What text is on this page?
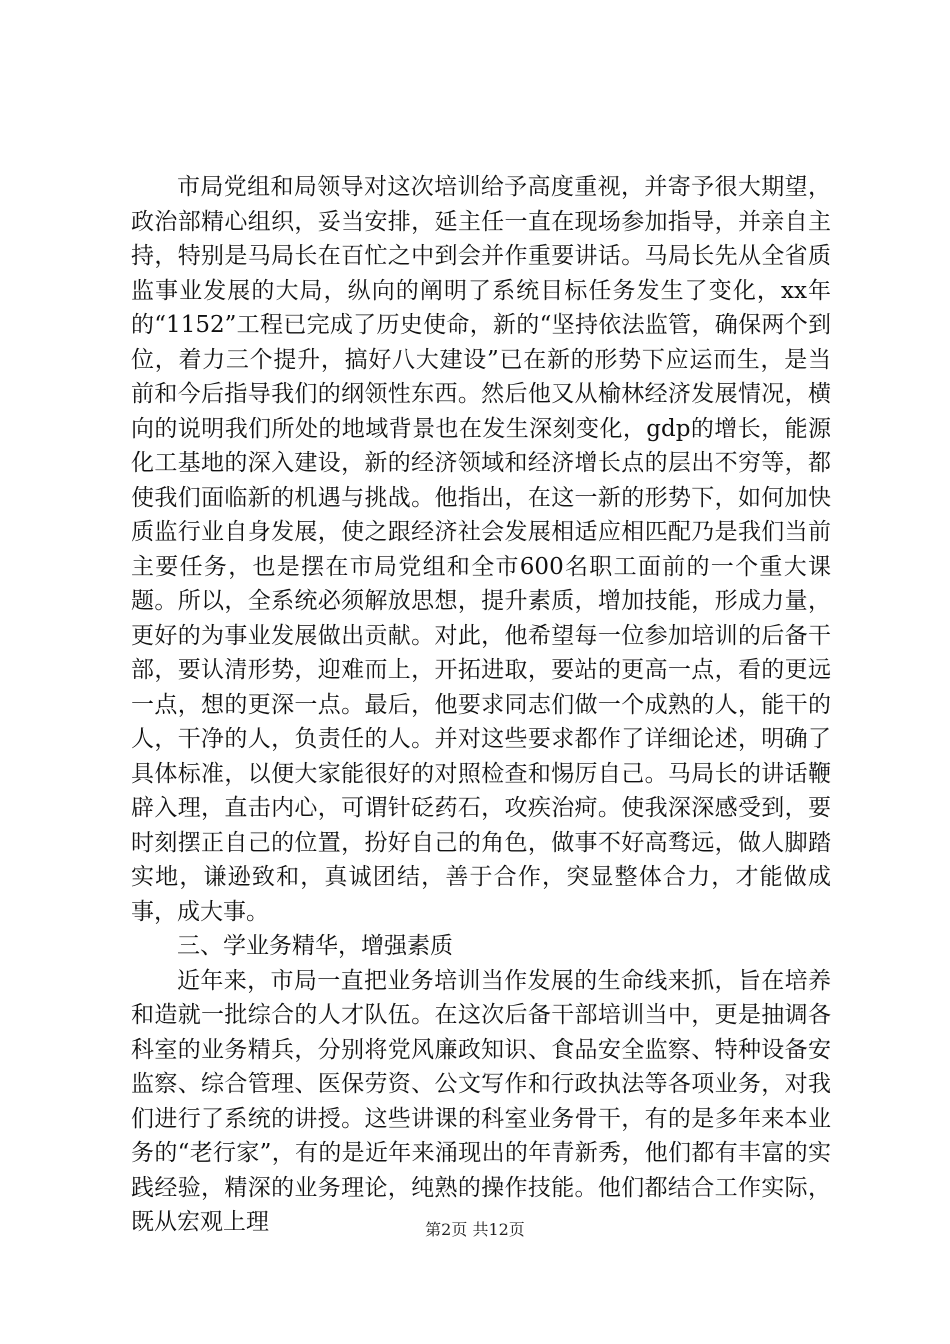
市局党组和局领导对这次培训给予高度重视，并寄予很大期望，政治部精心组织，妥当安排，延主任一直在现场参加指导，并亲自主持，特别是马局长在百忙之中到会并作重要讲话。马局长先从全省质监事业发展的大局，纵向的阐明了系统目标任务发生了变化，xx年的“1152”工程已完成了历史使命，新的“坚持依法监管，确保两个到位，着力三个提升，搞好八大建设”已在新的形势下应运而生，是当前和今后指导我们的纲领性东西。然后他又从榆林经济发展情况，横向的说明我们所处的地域背景也在发生深刻变化，gdp的增长，能源化工基地的深入建设，新的经济领域和经济增长点的层出不穷等，都使我们面临新的机遇与挑战。他指出，在这一新的形势下，如何加快质监行业自身发展，使之跟经济社会发展相适应相匹配乃是我们当前主要任务，也是摆在市局党组和全市600名职工面前的一个重大课题。所以，全系统必须解放思想，提升素质，增加技能，形成力量，更好的为事业发展做出贡献。对此，他希望每一位参加培训的后备干部，要认清形势，迎难而上，开拓进取，要站的更高一点，看的更远一点，想的更深一点。最后，他要求同志们做一个成熟的人，能干的人，干净的人，负责任的人。并对这些要求都作了详细论述，明确了具体标准，以便大家能很好的对照检查和惕厉自己。马局长的讲话鞭辟入理，直击内心，可谓针砭药石，攻疾治疴。使我深深感受到，要时刻摆正自己的位置，扮好自己的角色，做事不好高骛远，做人脚踏实地，谦逊致和，真诚团结，善于合作，突显整体合力，才能做成事，成大事。

三、学业务精华，增强素质

近年来，市局一直把业务培训当作发展的生命线来抓，旨在培养和造就一批综合的人才队伍。在这次后备干部培训当中，更是抽调各科室的业务精兵，分别将党风廉政知识、食品安全监察、特种设备安监察、综合管理、医保劳资、公文写作和行政执法等各项业务，对我们进行了系统的讲授。这些讲课的科室业务骨干，有的是多年来本业务的“老行家”，有的是近年来涌现出的年青新秀，他们都有丰富的实践经验，精深的业务理论，纯熟的操作技能。他们都结合工作实际，既从宏观上理	第2页 共12页
